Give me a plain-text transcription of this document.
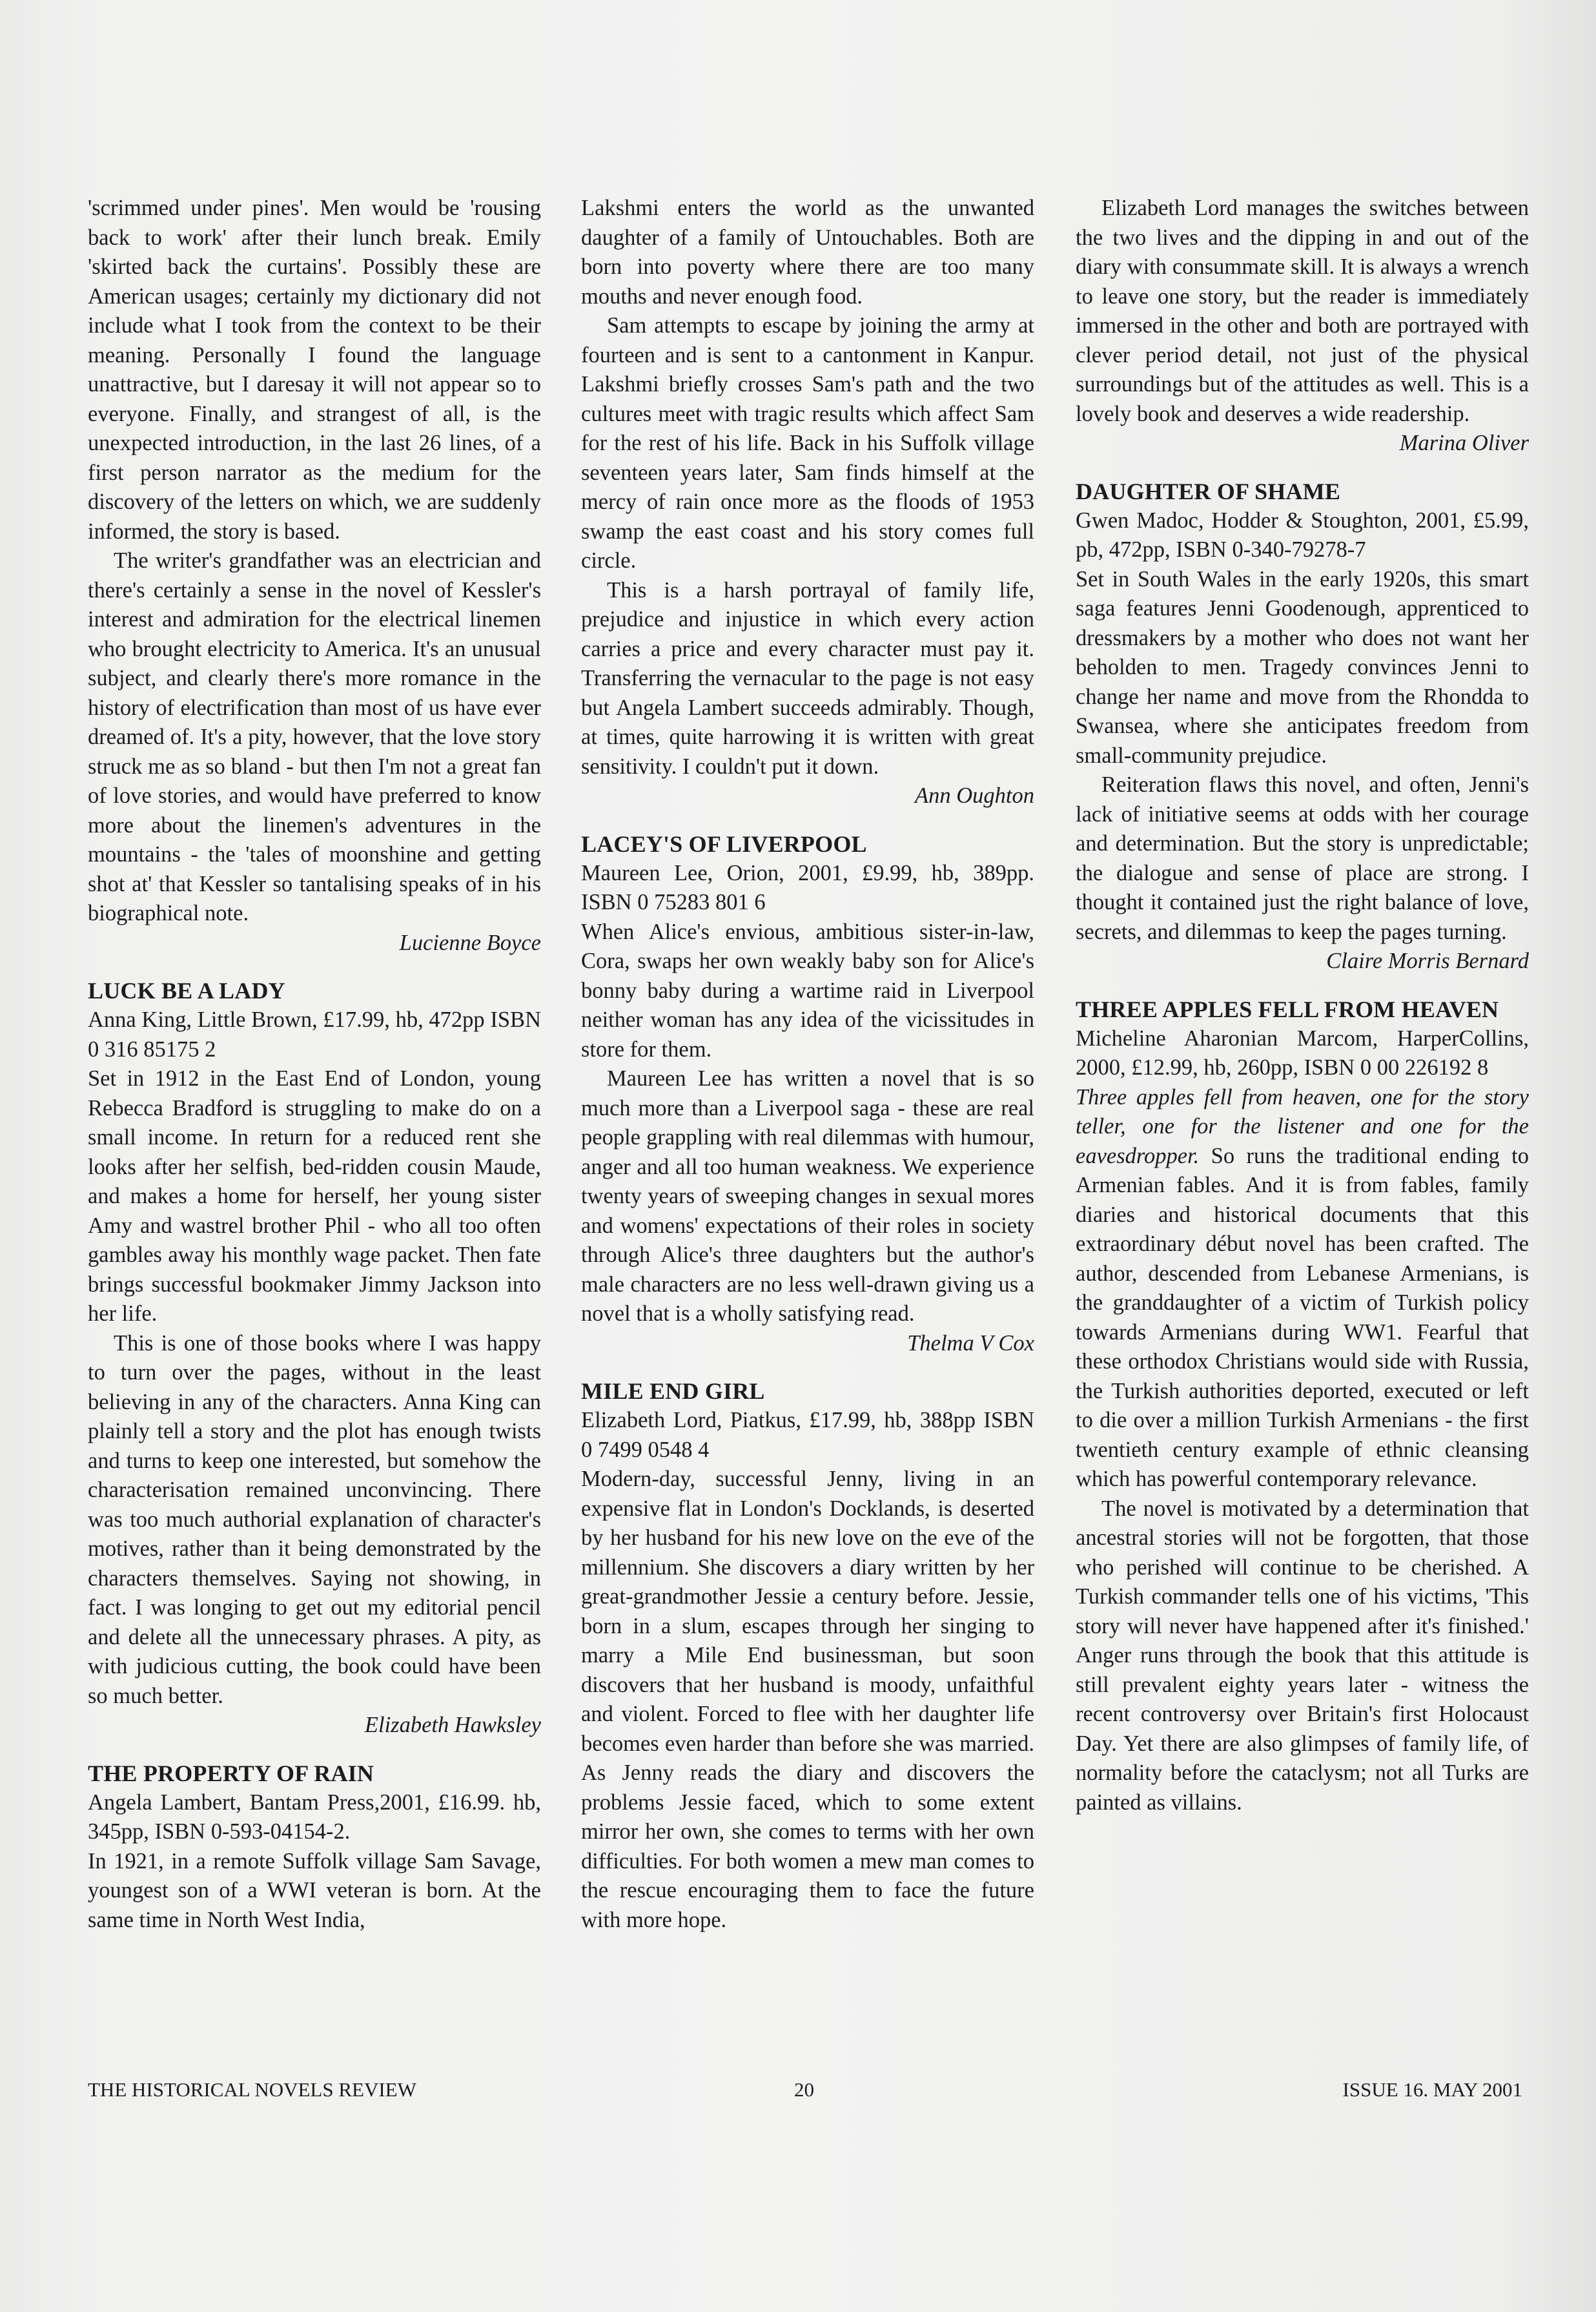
'scrimmed under pines'. Men would be 'rousing back to work' after their lunch break. Emily 'skirted back the curtains'. Possibly these are American usages; certainly my dictionary did not include what I took from the context to be their meaning. Personally I found the language unattractive, but I daresay it will not appear so to everyone. Finally, and strangest of all, is the unexpected introduction, in the last 26 lines, of a first person narrator as the medium for the discovery of the letters on which, we are suddenly informed, the story is based.

The writer's grandfather was an electrician and there's certainly a sense in the novel of Kessler's interest and admiration for the electrical linemen who brought electricity to America. It's an unusual subject, and clearly there's more romance in the history of electrification than most of us have ever dreamed of. It's a pity, however, that the love story struck me as so bland - but then I'm not a great fan of love stories, and would have preferred to know more about the linemen's adventures in the mountains - the 'tales of moonshine and getting shot at' that Kessler so tantalising speaks of in his biographical note.

Lucienne Boyce

LUCK BE A LADY

Anna King, Little Brown, £17.99, hb, 472pp ISBN 0 316 85175 2

Set in 1912 in the East End of London, young Rebecca Bradford is struggling to make do on a small income. In return for a reduced rent she looks after her selfish, bed-ridden cousin Maude, and makes a home for herself, her young sister Amy and wastrel brother Phil - who all too often gambles away his monthly wage packet. Then fate brings successful bookmaker Jimmy Jackson into her life.

This is one of those books where I was happy to turn over the pages, without in the least believing in any of the characters. Anna King can plainly tell a story and the plot has enough twists and turns to keep one interested, but somehow the characterisation remained unconvincing. There was too much authorial explanation of character's motives, rather than it being demonstrated by the characters themselves. Saying not showing, in fact. I was longing to get out my editorial pencil and delete all the unnecessary phrases. A pity, as with judicious cutting, the book could have been so much better.

Elizabeth Hawksley

THE PROPERTY OF RAIN

Angela Lambert, Bantam Press,2001, £16.99. hb, 345pp, ISBN 0-593-04154-2.

In 1921, in a remote Suffolk village Sam Savage, youngest son of a WWI veteran is born. At the same time in North West India,

Lakshmi enters the world as the unwanted daughter of a family of Untouchables. Both are born into poverty where there are too many mouths and never enough food.

Sam attempts to escape by joining the army at fourteen and is sent to a cantonment in Kanpur. Lakshmi briefly crosses Sam's path and the two cultures meet with tragic results which affect Sam for the rest of his life. Back in his Suffolk village seventeen years later, Sam finds himself at the mercy of rain once more as the floods of 1953 swamp the east coast and his story comes full circle.

This is a harsh portrayal of family life, prejudice and injustice in which every action carries a price and every character must pay it. Transferring the vernacular to the page is not easy but Angela Lambert succeeds admirably. Though, at times, quite harrowing it is written with great sensitivity. I couldn't put it down.

Ann Oughton

LACEY'S OF LIVERPOOL

Maureen Lee, Orion, 2001, £9.99, hb, 389pp. ISBN 0 75283 801 6

When Alice's envious, ambitious sister-in-law, Cora, swaps her own weakly baby son for Alice's bonny baby during a wartime raid in Liverpool neither woman has any idea of the vicissitudes in store for them.

Maureen Lee has written a novel that is so much more than a Liverpool saga - these are real people grappling with real dilemmas with humour, anger and all too human weakness. We experience twenty years of sweeping changes in sexual mores and womens' expectations of their roles in society through Alice's three daughters but the author's male characters are no less well-drawn giving us a novel that is a wholly satisfying read.

Thelma V Cox

MILE END GIRL

Elizabeth Lord, Piatkus, £17.99, hb, 388pp ISBN 0 7499 0548 4

Modern-day, successful Jenny, living in an expensive flat in London's Docklands, is deserted by her husband for his new love on the eve of the millennium. She discovers a diary written by her great-grandmother Jessie a century before. Jessie, born in a slum, escapes through her singing to marry a Mile End businessman, but soon discovers that her husband is moody, unfaithful and violent. Forced to flee with her daughter life becomes even harder than before she was married. As Jenny reads the diary and discovers the problems Jessie faced, which to some extent mirror her own, she comes to terms with her own difficulties. For both women a mew man comes to the rescue encouraging them to face the future with more hope.

Elizabeth Lord manages the switches between the two lives and the dipping in and out of the diary with consummate skill. It is always a wrench to leave one story, but the reader is immediately immersed in the other and both are portrayed with clever period detail, not just of the physical surroundings but of the attitudes as well. This is a lovely book and deserves a wide readership.

Marina Oliver

DAUGHTER OF SHAME

Gwen Madoc, Hodder & Stoughton, 2001, £5.99, pb, 472pp, ISBN 0-340-79278-7

Set in South Wales in the early 1920s, this smart saga features Jenni Goodenough, apprenticed to dressmakers by a mother who does not want her beholden to men. Tragedy convinces Jenni to change her name and move from the Rhondda to Swansea, where she anticipates freedom from small-community prejudice.

Reiteration flaws this novel, and often, Jenni's lack of initiative seems at odds with her courage and determination. But the story is unpredictable; the dialogue and sense of place are strong. I thought it contained just the right balance of love, secrets, and dilemmas to keep the pages turning.

Claire Morris Bernard

THREE APPLES FELL FROM HEAVEN

Micheline Aharonian Marcom, HarperCollins, 2000, £12.99, hb, 260pp, ISBN 0 00 226192 8

Three apples fell from heaven, one for the story teller, one for the listener and one for the eavesdropper. So runs the traditional ending to Armenian fables. And it is from fables, family diaries and historical documents that this extraordinary début novel has been crafted. The author, descended from Lebanese Armenians, is the granddaughter of a victim of Turkish policy towards Armenians during WW1. Fearful that these orthodox Christians would side with Russia, the Turkish authorities deported, executed or left to die over a million Turkish Armenians - the first twentieth century example of ethnic cleansing which has powerful contemporary relevance.

The novel is motivated by a determination that ancestral stories will not be forgotten, that those who perished will continue to be cherished. A Turkish commander tells one of his victims, 'This story will never have happened after it's finished.' Anger runs through the book that this attitude is still prevalent eighty years later - witness the recent controversy over Britain's first Holocaust Day. Yet there are also glimpses of family life, of normality before the cataclysm; not all Turks are painted as villains.

THE HISTORICAL NOVELS REVIEW	20	ISSUE 16. MAY 2001
